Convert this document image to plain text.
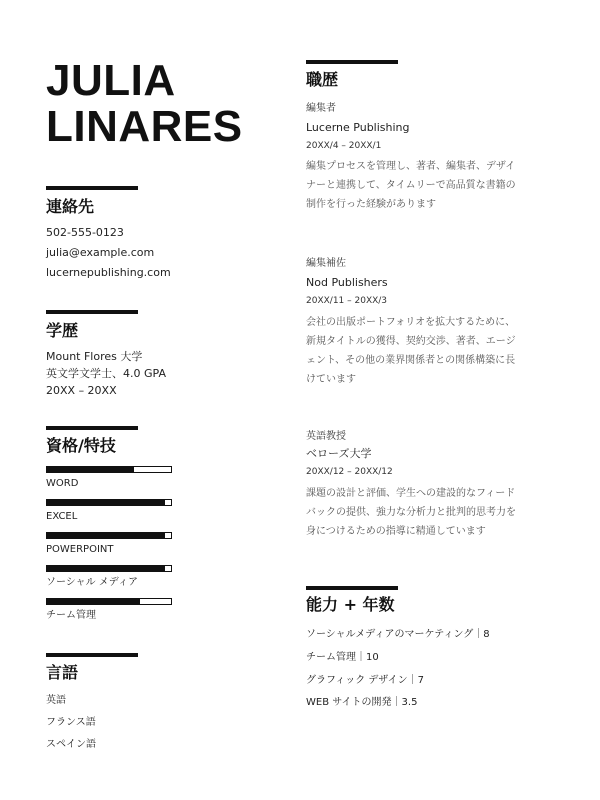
JULIA
LINARES
連絡先
502-555-0123
julia@example.com
lucernepublishing.com
学歴
Mount Flores 大学
英文学文学士、4.0 GPA
20XX – 20XX
資格/特技
WORD
EXCEL
POWERPOINT
ソーシャル メディア
チーム管理
言語
英語
フランス語
スペイン語
職歴
編集者
Lucerne Publishing
20XX/4 – 20XX/1
編集プロセスを管理し、著者、編集者、デザイナーと連携して、タイムリーで高品質な書籍の制作を行った経験があります
編集補佐
Nod Publishers
20XX/11 – 20XX/3
会社の出版ポートフォリオを拡大するために、新規タイトルの獲得、契約交渉、著者、エージェント、その他の業界関係者との関係構築に長けています
英語教授
ベローズ大学
20XX/12 – 20XX/12
課題の設計と評価、学生への建設的なフィードバックの提供、強力な分析力と批判的思考力を身につけるための指導に精通しています
能力 + 年数
ソーシャルメディアのマーケティング｜8
チーム管理｜10
グラフィック デザイン｜7
WEB サイトの開発｜3.5
